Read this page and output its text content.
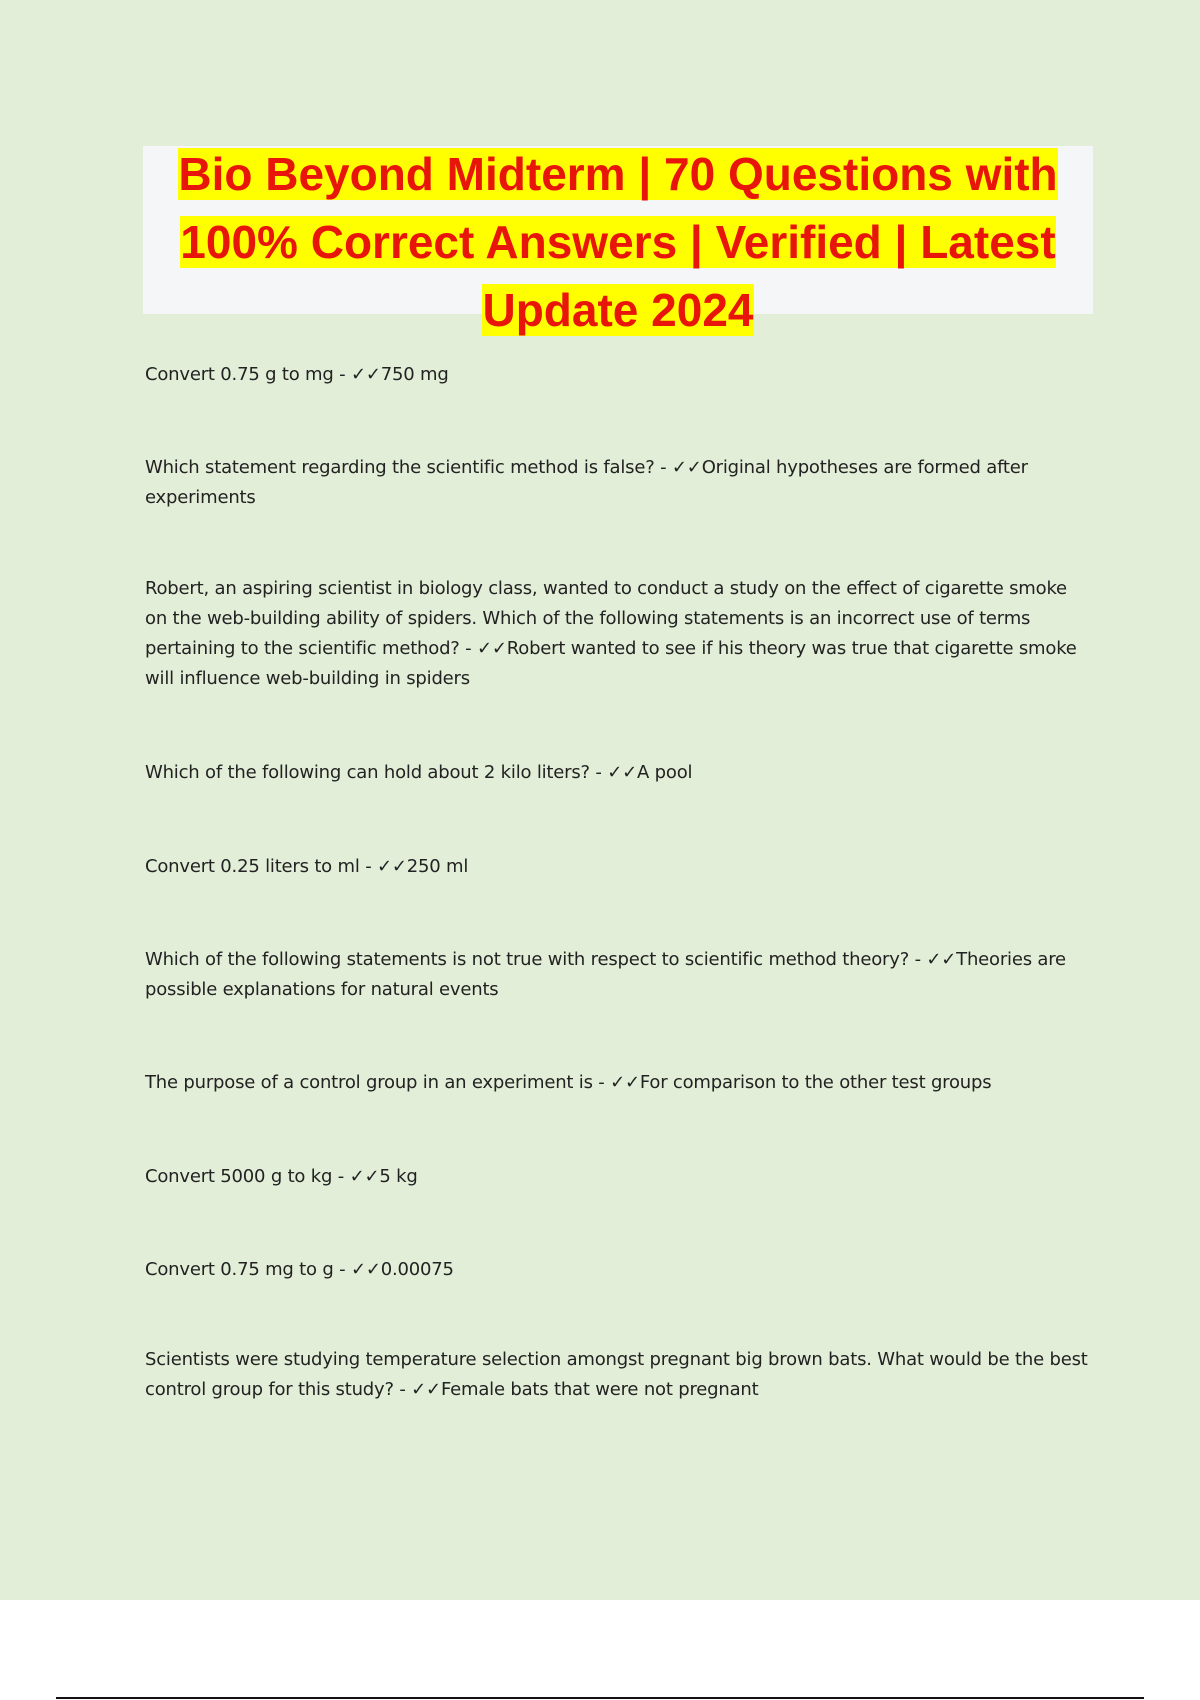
Bio Beyond Midterm | 70 Questions with 100% Correct Answers | Verified | Latest Update 2024
Convert 0.75 g to mg - ✓✓750 mg
Which statement regarding the scientific method is false? - ✓✓Original hypotheses are formed after experiments
Robert, an aspiring scientist in biology class, wanted to conduct a study on the effect of cigarette smoke on the web-building ability of spiders. Which of the following statements is an incorrect use of terms pertaining to the scientific method? - ✓✓Robert wanted to see if his theory was true that cigarette smoke will influence web-building in spiders
Which of the following can hold about 2 kilo liters? - ✓✓A pool
Convert 0.25 liters to ml - ✓✓250 ml
Which of the following statements is not true with respect to scientific method theory? - ✓✓Theories are possible explanations for natural events
The purpose of a control group in an experiment is - ✓✓For comparison to the other test groups
Convert 5000 g to kg - ✓✓5 kg
Convert 0.75 mg to g - ✓✓0.00075
Scientists were studying temperature selection amongst pregnant big brown bats. What would be the best control group for this study? - ✓✓Female bats that were not pregnant
